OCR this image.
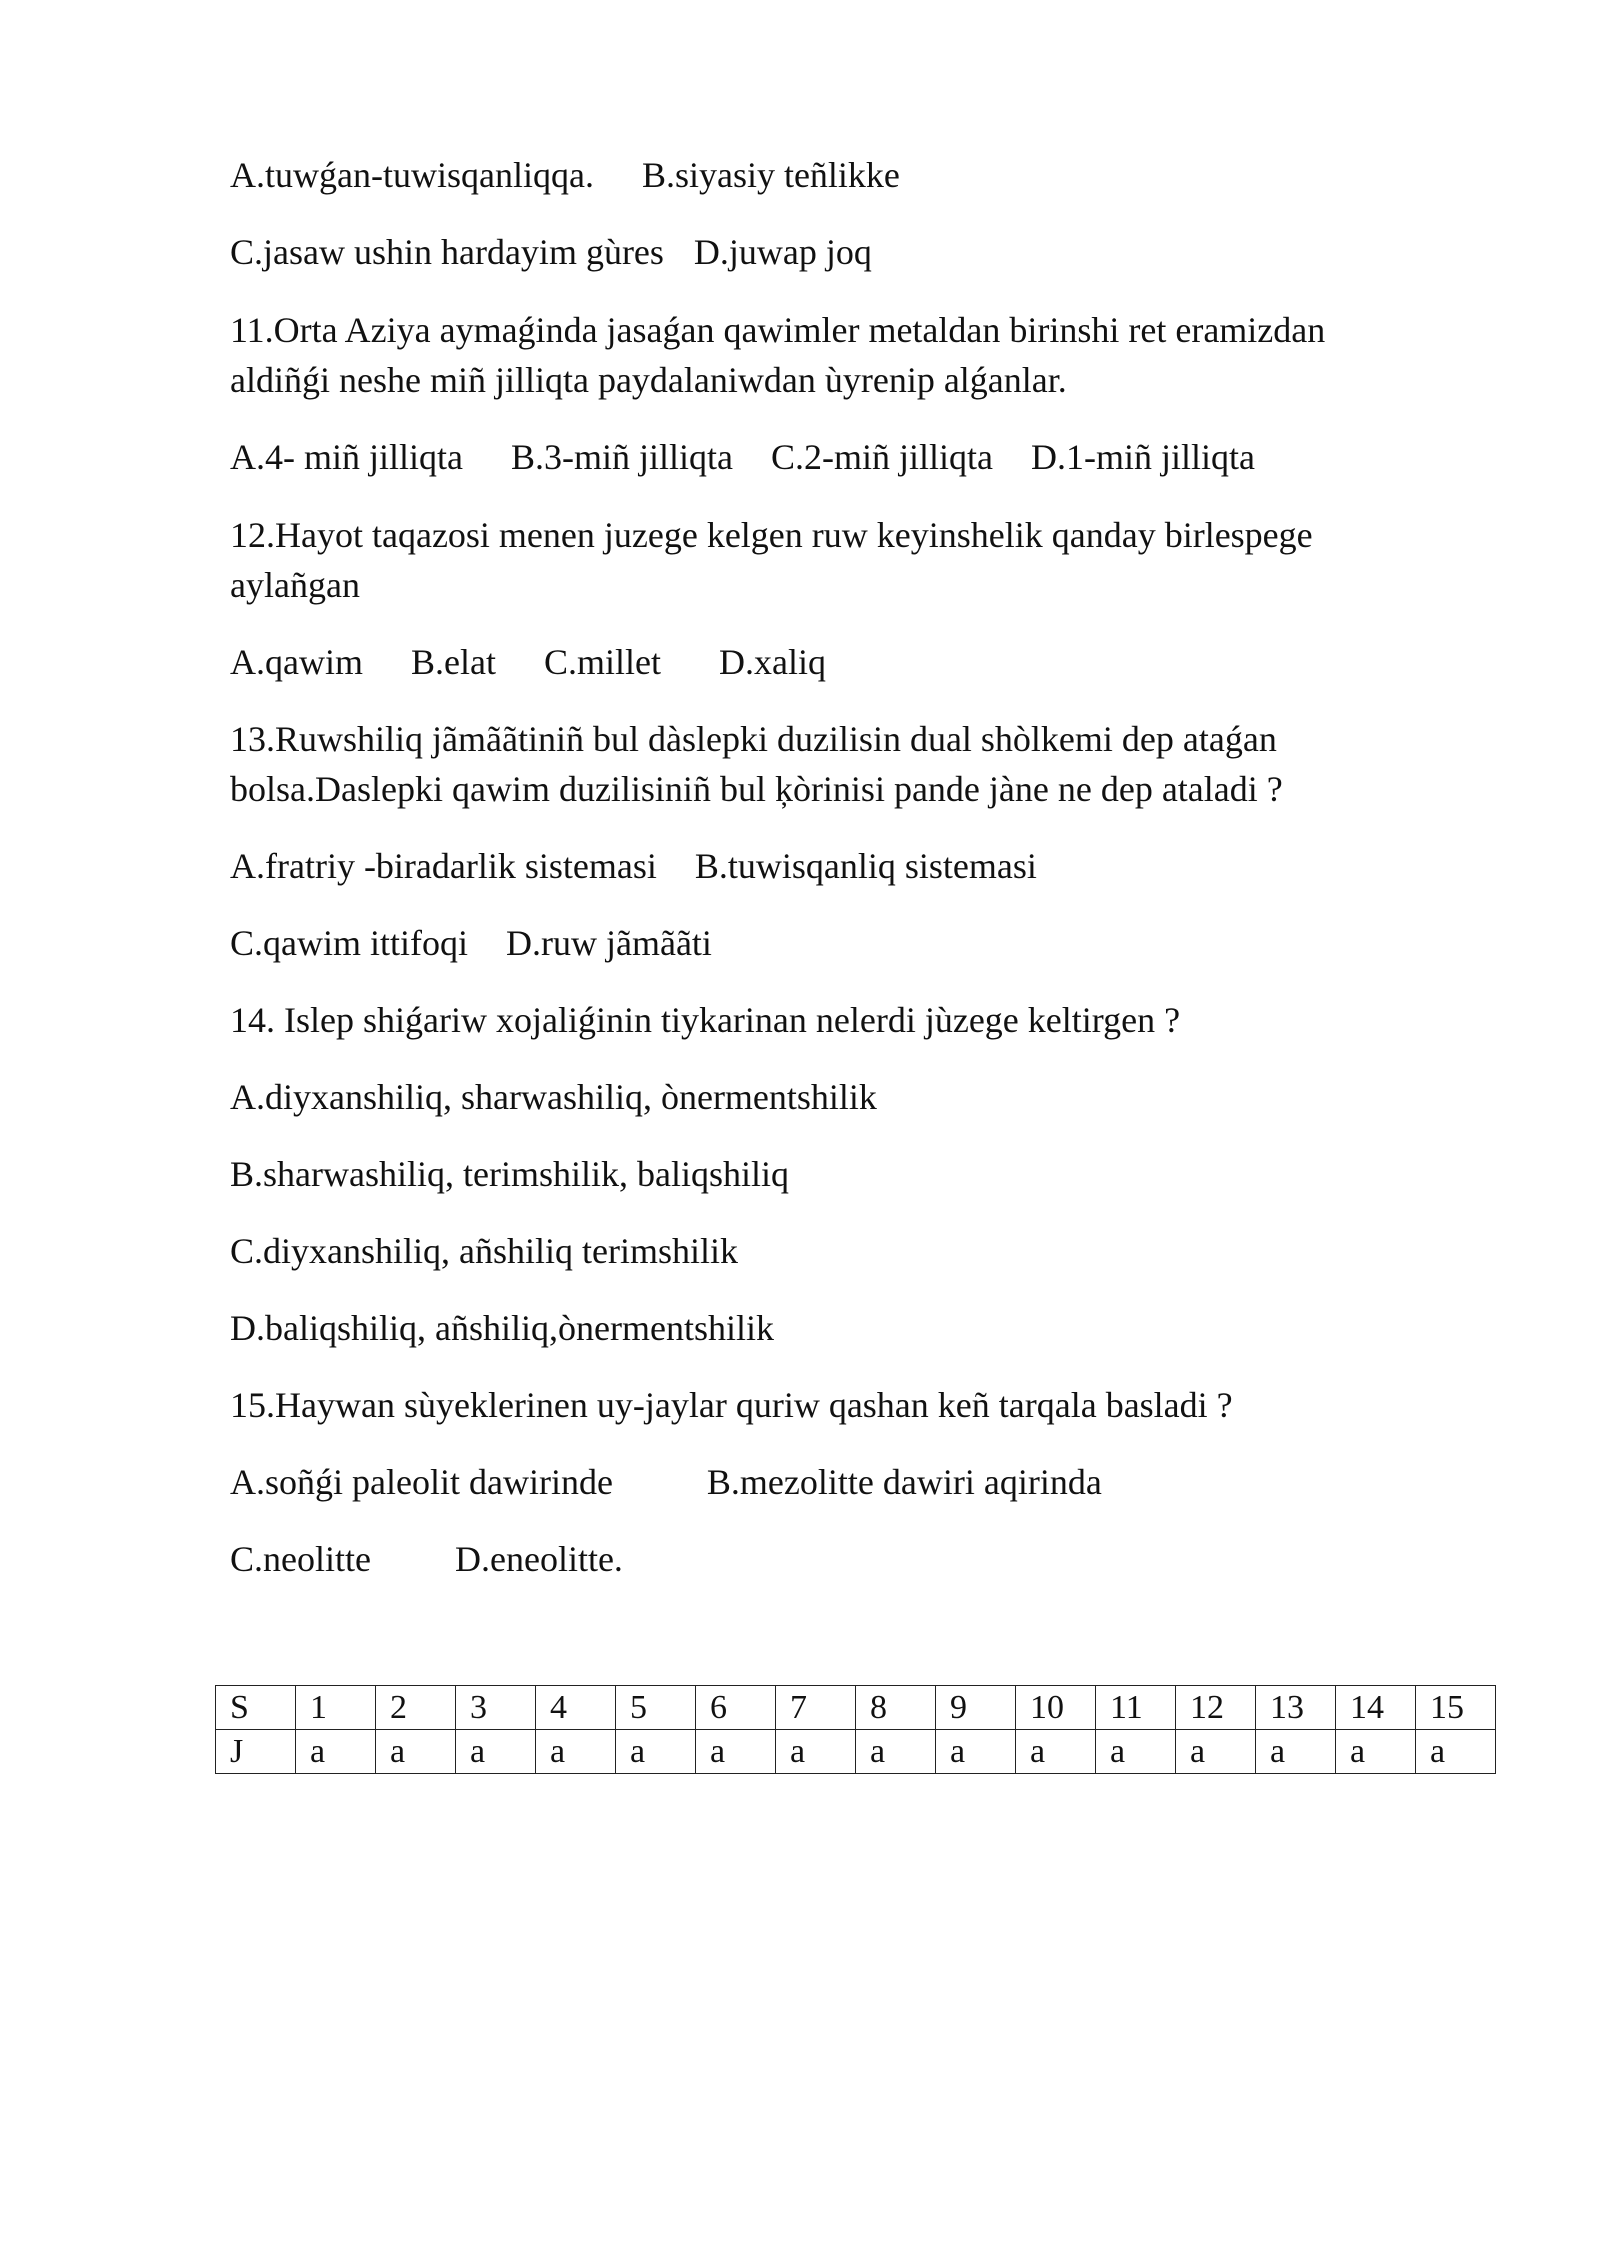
A.tuwǵan-tuwisqanliqqa. B.siyasiy teñlikke
C.jasaw ushin hardayim gùres D.juwap joq
11.Orta Aziya aymaǵinda jasaǵan qawimler metaldan birinshi ret eramizdan
aldiñǵi neshe miñ jilliqta paydalaniwdan ùyrenip alǵanlar.
A.4- miñ jilliqta B.3-miñ jilliqta C.2-miñ jilliqta D.1-miñ jilliqta
12.Hayot taqazosi menen juzege kelgen ruw keyinshelik qanday birlespege
aylañgan
A.qawim B.elat C.millet D.xaliq
13.Ruwshiliq jãmããtiniñ bul dàslepki duzilisin dual shòlkemi dep ataǵan
bolsa.Daslepki qawim duzilisiniñ bul ķòrinisi pande jàne ne dep ataladi ?
A.fratriy -biradarlik sistemasi B.tuwisqanliq sistemasi
C.qawim ittifoqi D.ruw jãmããti
14. Islep shiǵariw xojaliǵinin tiykarinan nelerdi jùzege keltirgen ?
A.diyxanshiliq, sharwashiliq, ònermentshilik
B.sharwashiliq, terimshilik, baliqshiliq
C.diyxanshiliq, añshiliq terimshilik
D.baliqshiliq, añshiliq,ònermentshilik
15.Haywan sùyeklerinen uy-jaylar quriw qashan keñ tarqala basladi ?
A.soñǵi paleolit dawirinde	B.mezolitte dawiri aqirinda
C.neolitte D.eneolitte.
S	1	2	3	4	5	6	7	8	9	10	11	12	13	14	15
J	a	a	a	a	a	a	a	a	a	a	a	a	a	a	a
